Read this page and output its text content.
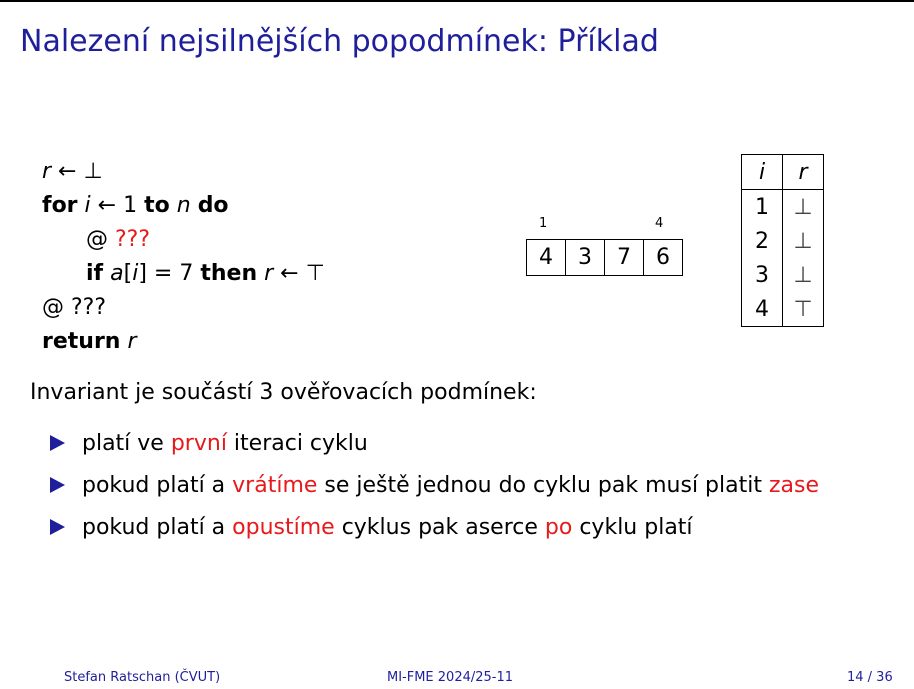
Nalezení nejsilnějších popodmínek: Příklad
r ← ⊥
for i ← 1 to n do
@ ???
if a[i] = 7 then r ← ⊤
@ ???
return r
1	4
4	3	7	6
i	r
1	⊥
2	⊥
3	⊥
4	⊤
Invariant je součástí 3 ověřovacích podmínek:
platí ve první iteraci cyklu
pokud platí a vrátíme se ještě jednou do cyklu pak musí platit zase
pokud platí a opustíme cyklus pak aserce po cyklu platí
Stefan Ratschan (ČVUT)	MI-FME 2024/25-11	14 / 36
